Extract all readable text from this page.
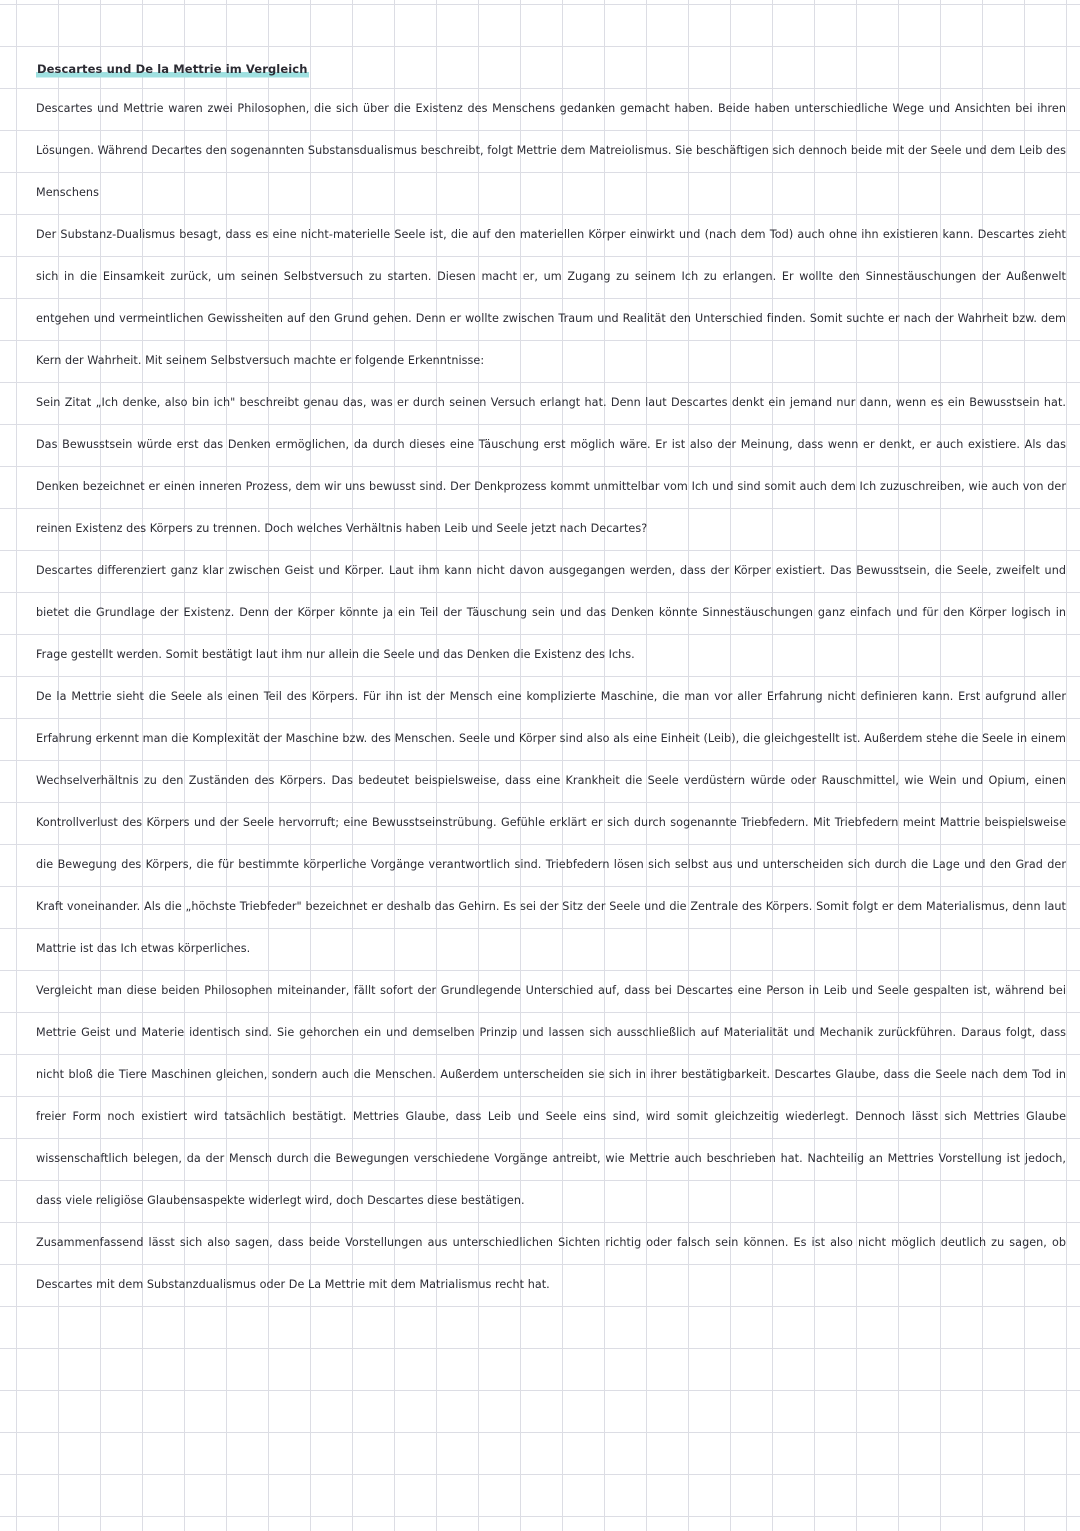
Descartes und De la Mettrie im Vergleich

Descartes und Mettrie waren zwei Philosophen, die sich über die Existenz des Menschens gedanken gemacht haben. Beide haben unterschiedliche Wege und Ansichten bei ihren Lösungen. Während Decartes den sogenannten Substansdualismus beschreibt, folgt Mettrie dem Matreiolismus. Sie beschäftigen sich dennoch beide mit der Seele und dem Leib des Menschens

Der Substanz-Dualismus besagt, dass es eine nicht-materielle Seele ist, die auf den materiellen Körper einwirkt und (nach dem Tod) auch ohne ihn existieren kann. Descartes zieht sich in die Einsamkeit zurück, um seinen Selbstversuch zu starten. Diesen macht er, um Zugang zu seinem Ich zu erlangen. Er wollte den Sinnestäuschungen der Außenwelt entgehen und vermeintlichen Gewissheiten auf den Grund gehen. Denn er wollte zwischen Traum und Realität den Unterschied finden. Somit suchte er nach der Wahrheit bzw. dem Kern der Wahrheit. Mit seinem Selbstversuch machte er folgende Erkenntnisse:

Sein Zitat „Ich denke, also bin ich" beschreibt genau das, was er durch seinen Versuch erlangt hat. Denn laut Descartes denkt ein jemand nur dann, wenn es ein Bewusstsein hat. Das Bewusstsein würde erst das Denken ermöglichen, da durch dieses eine Täuschung erst möglich wäre. Er ist also der Meinung, dass wenn er denkt, er auch existiere. Als das Denken bezeichnet er einen inneren Prozess, dem wir uns bewusst sind. Der Denkprozess kommt unmittelbar vom Ich und sind somit auch dem Ich zuzuschreiben, wie auch von der reinen Existenz des Körpers zu trennen. Doch welches Verhältnis haben Leib und Seele jetzt nach Decartes?

Descartes differenziert ganz klar zwischen Geist und Körper. Laut ihm kann nicht davon ausgegangen werden, dass der Körper existiert. Das Bewusstsein, die Seele, zweifelt und bietet die Grundlage der Existenz. Denn der Körper könnte ja ein Teil der Täuschung sein und das Denken könnte Sinnestäuschungen ganz einfach und für den Körper logisch in Frage gestellt werden. Somit bestätigt laut ihm nur allein die Seele und das Denken die Existenz des Ichs.

De la Mettrie sieht die Seele als einen Teil des Körpers. Für ihn ist der Mensch eine komplizierte Maschine, die man vor aller Erfahrung nicht definieren kann. Erst aufgrund aller Erfahrung erkennt man die Komplexität der Maschine bzw. des Menschen. Seele und Körper sind also als eine Einheit (Leib), die gleichgestellt ist. Außerdem stehe die Seele in einem Wechselverhältnis zu den Zuständen des Körpers. Das bedeutet beispielsweise, dass eine Krankheit die Seele verdüstern würde oder Rauschmittel, wie Wein und Opium, einen Kontrollverlust des Körpers und der Seele hervorruft; eine Bewusstseinstrübung. Gefühle erklärt er sich durch sogenannte Triebfedern. Mit Triebfedern meint Mattrie beispielsweise die Bewegung des Körpers, die für bestimmte körperliche Vorgänge verantwortlich sind. Triebfedern lösen sich selbst aus und unterscheiden sich durch die Lage und den Grad der Kraft voneinander. Als die „höchste Triebfeder" bezeichnet er deshalb das Gehirn. Es sei der Sitz der Seele und die Zentrale des Körpers. Somit folgt er dem Materialismus, denn laut Mattrie ist das Ich etwas körperliches.

Vergleicht man diese beiden Philosophen miteinander, fällt sofort der Grundlegende Unterschied auf, dass bei Descartes eine Person in Leib und Seele gespalten ist, während bei Mettrie Geist und Materie identisch sind. Sie gehorchen ein und demselben Prinzip und lassen sich ausschließlich auf Materialität und Mechanik zurückführen. Daraus folgt, dass nicht bloß die Tiere Maschinen gleichen, sondern auch die Menschen. Außerdem unterscheiden sie sich in ihrer bestätigbarkeit. Descartes Glaube, dass die Seele nach dem Tod in freier Form noch existiert wird tatsächlich bestätigt. Mettries Glaube, dass Leib und Seele eins sind, wird somit gleichzeitig wiederlegt. Dennoch lässt sich Mettries Glaube wissenschaftlich belegen, da der Mensch durch die Bewegungen verschiedene Vorgänge antreibt, wie Mettrie auch beschrieben hat. Nachteilig an Mettries Vorstellung ist jedoch, dass viele religiöse Glaubensaspekte widerlegt wird, doch Descartes diese bestätigen.

Zusammenfassend lässt sich also sagen, dass beide Vorstellungen aus unterschiedlichen Sichten richtig oder falsch sein können. Es ist also nicht möglich deutlich zu sagen, ob Descartes mit dem Substanzdualismus oder De La Mettrie mit dem Matrialismus recht hat.
